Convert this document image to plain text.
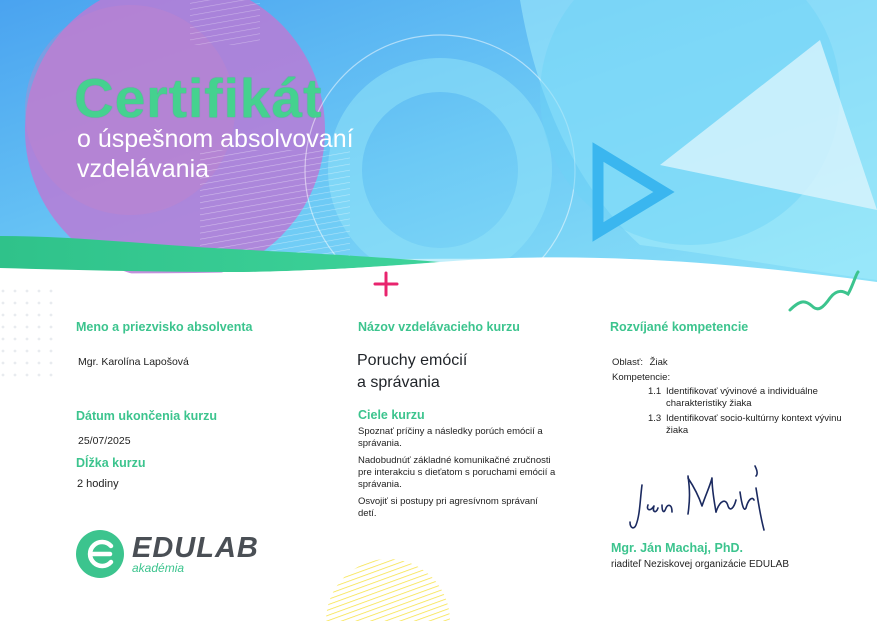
Certifikát
o úspešnom absolvovaní
vzdelávania
Meno a priezvisko absolventa
Mgr. Karolína Lapošová
Dátum ukončenia kurzu
25/07/2025
Dĺžka kurzu
2 hodiny
Názov vzdelávacieho kurzu
Poruchy emócií
a správania
Ciele kurzu

Spoznať príčiny a následky porúch emócií a správania.

Nadobudnúť základné komunikačné zručnosti pre interakciu s dieťatom s poruchami emócií a správania.

Osvojiť si postupy pri agresívnom správaní detí.

Rozvíjané kompetencie
Oblasť: Žiak
Kompetencie:
1.1 Identifikovať vývinové a individuálne charakteristiky žiaka
1.3 Identifikovať socio-kultúrny kontext vývinu žiaka
Mgr. Ján Machaj, PhD.
riaditeľ Neziskovej organizácie EDULAB
EDULAB
akadémia
